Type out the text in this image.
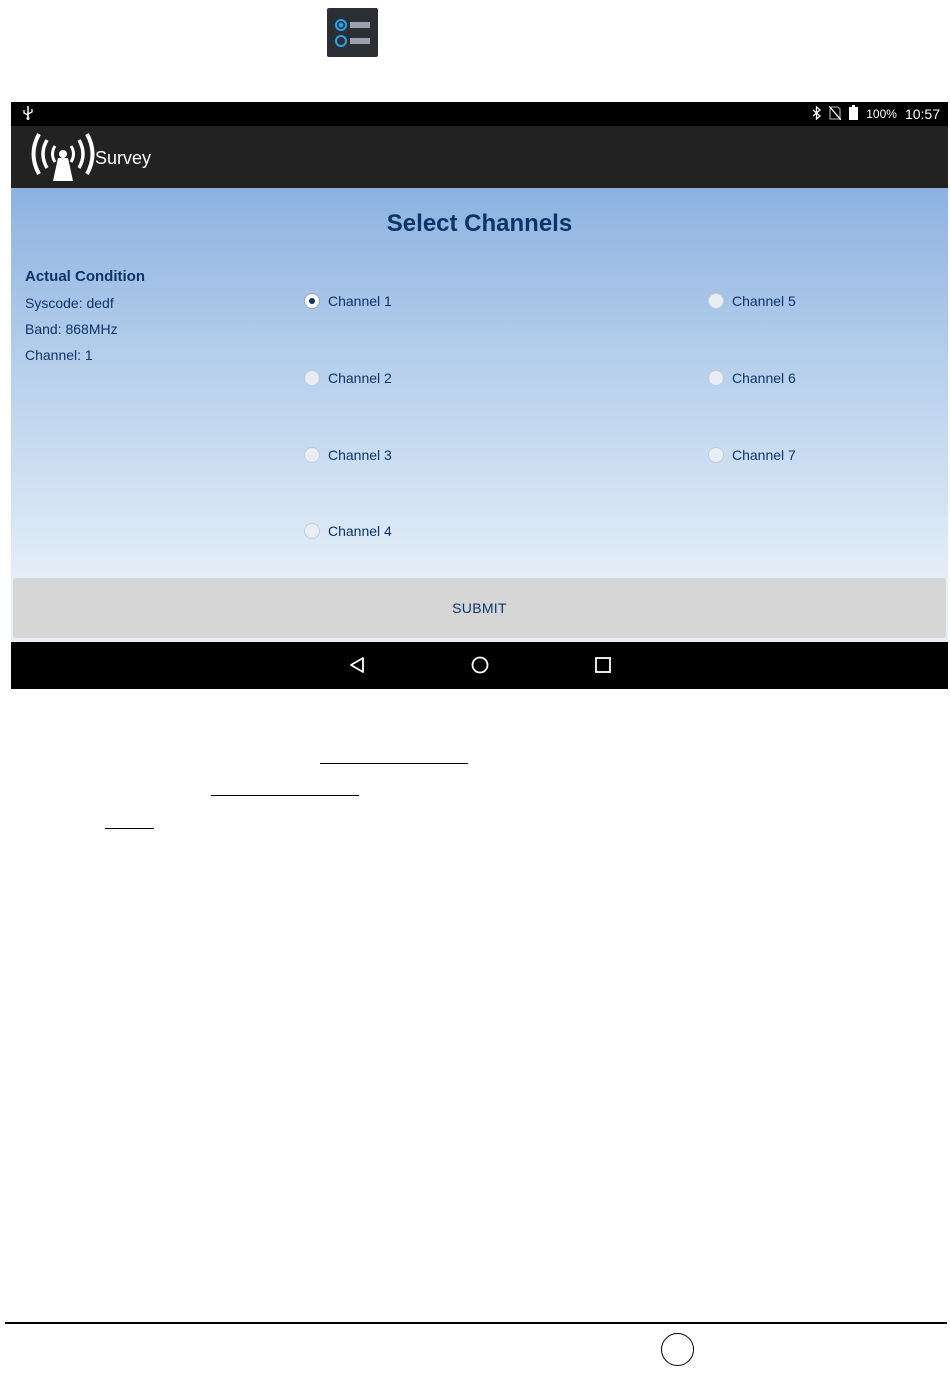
100% 10:57
Survey
Select Channels
Actual Condition
Syscode: dedf
Band: 868MHz
Channel: 1
Channel 1
Channel 2
Channel 3
Channel 4
Channel 5
Channel 6
Channel 7
SUBMIT
